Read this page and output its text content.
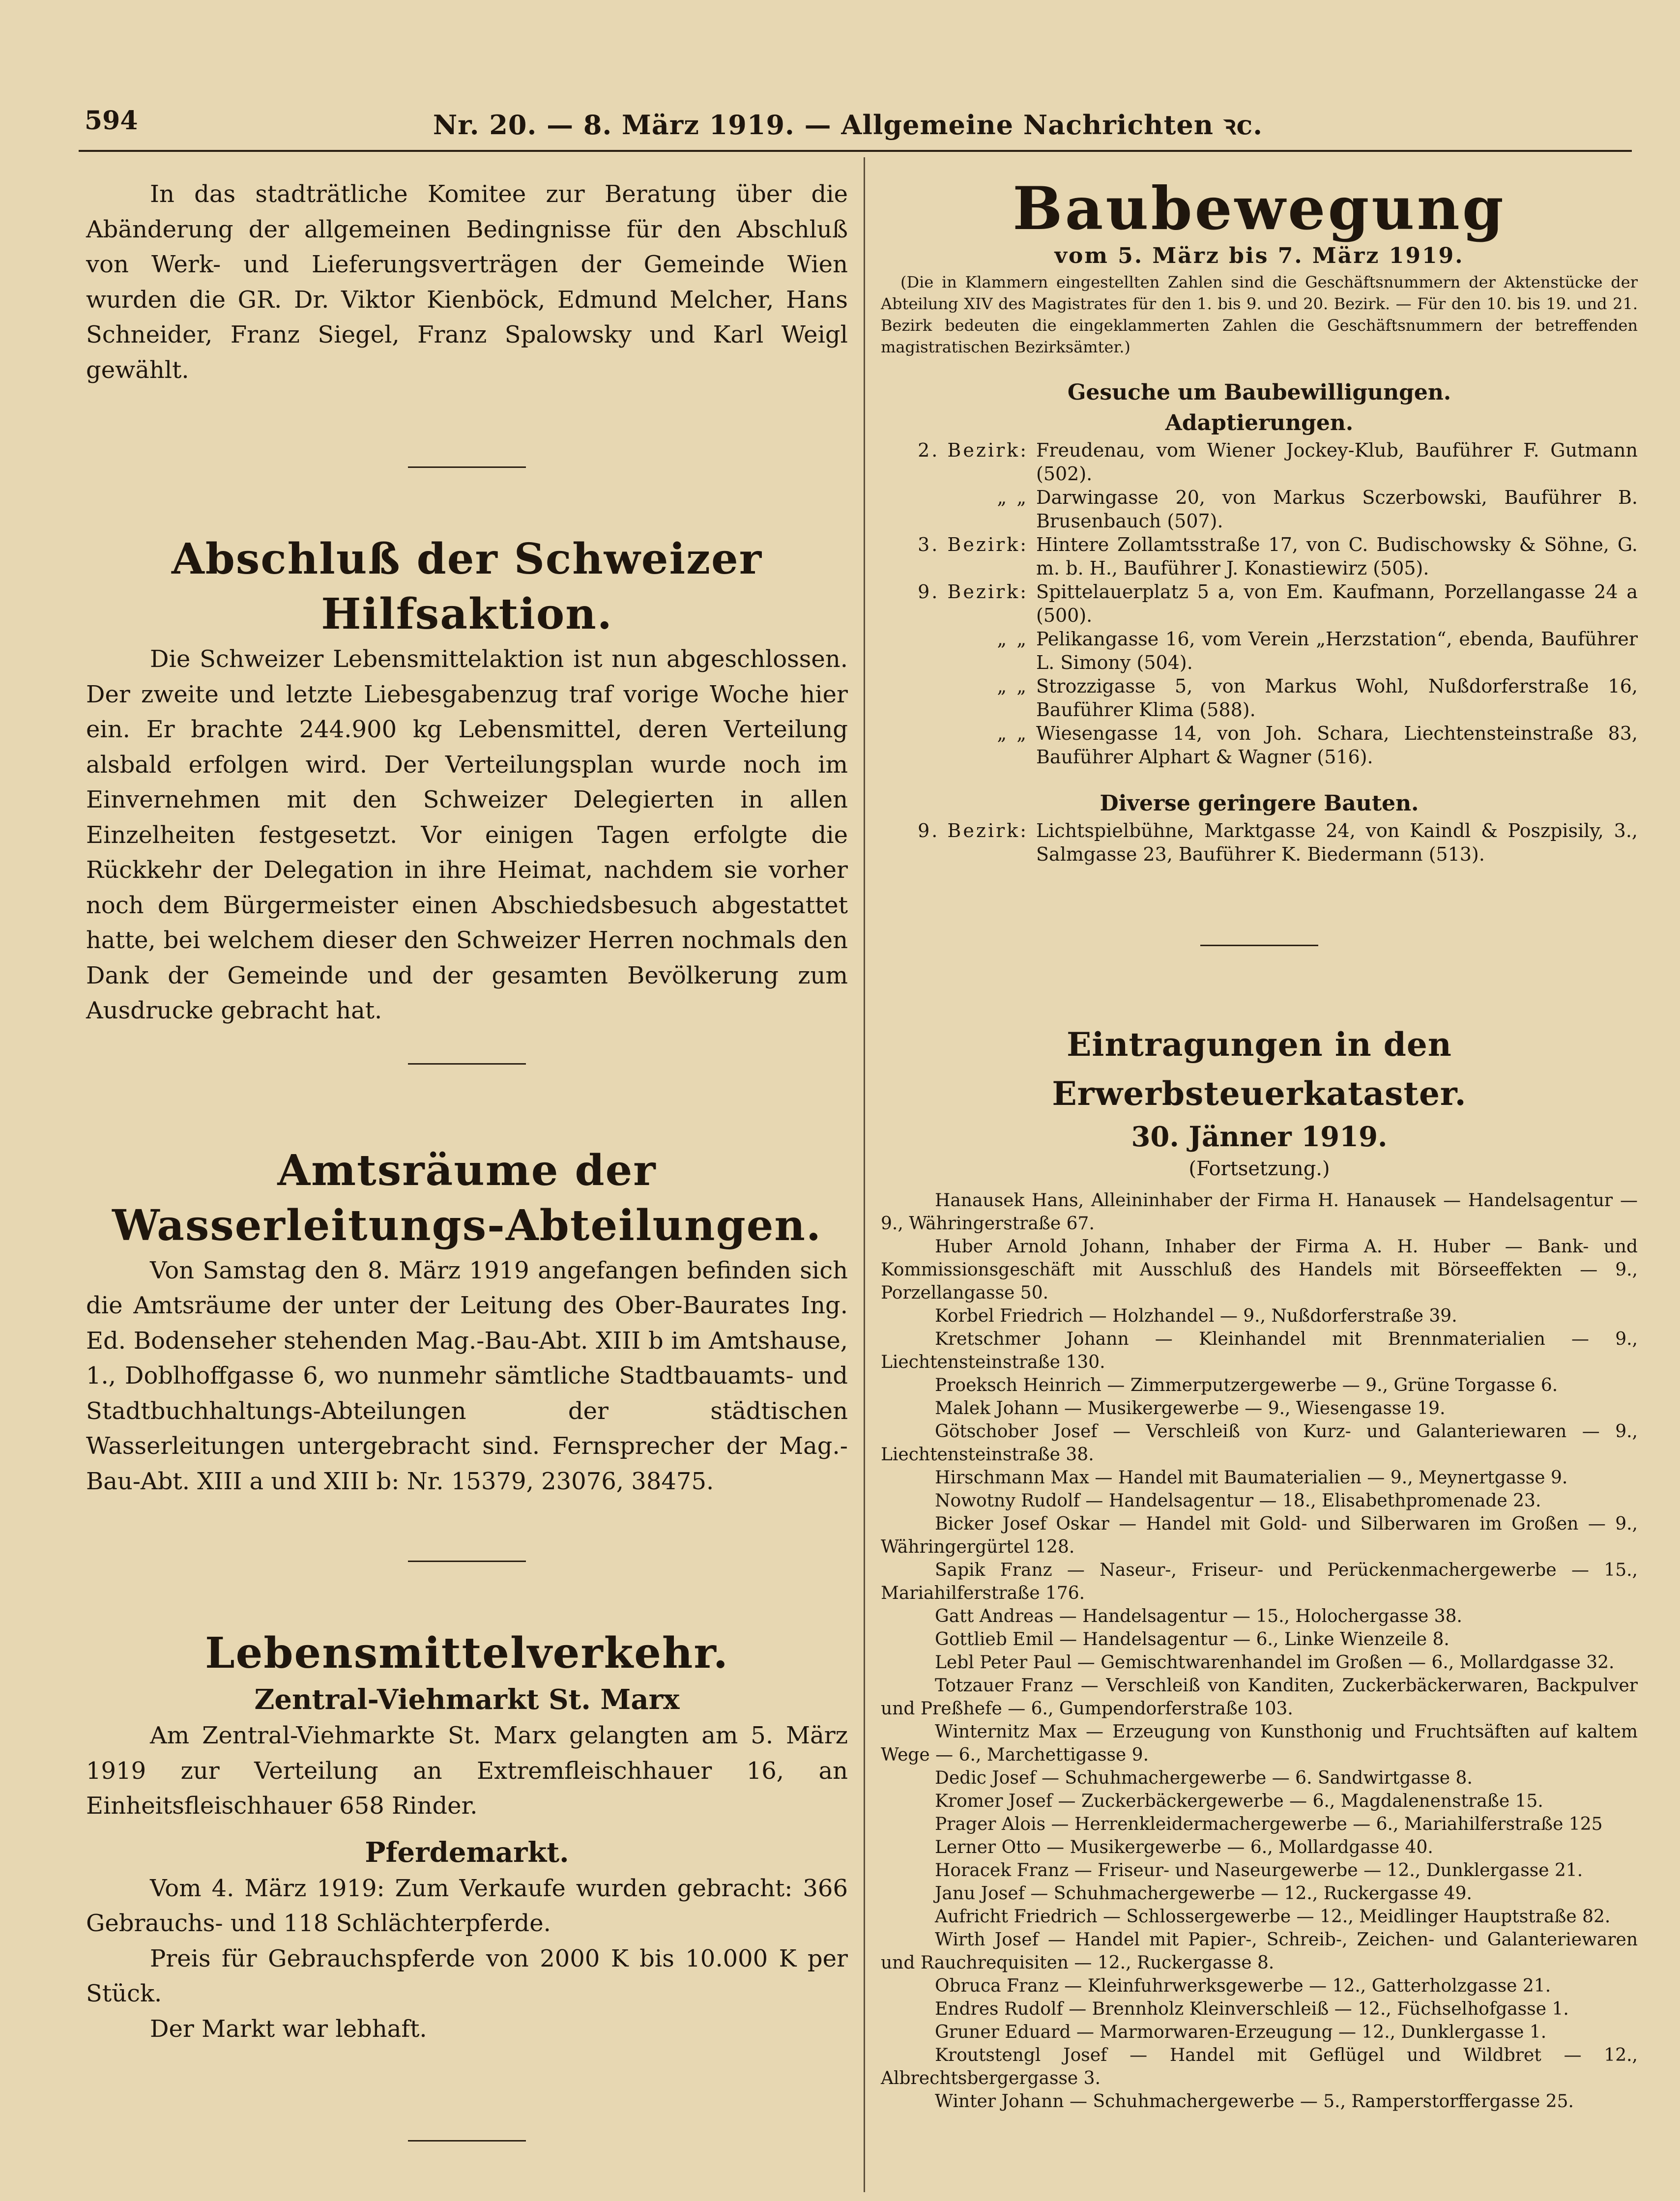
594	Nr. 20. — 8. März 1919. — Allgemeine Nachrichten ꝛc.

In das stadträtliche Komitee zur Beratung über die Abänderung der allgemeinen Bedingnisse für den Abschluß von Werk- und Lieferungsverträgen der Gemeinde Wien wurden die GR. Dr. Viktor Kienböck, Edmund Melcher, Hans Schneider, Franz Siegel, Franz Spalowsky und Karl Weigl gewählt.

Abschluß der Schweizer Hilfsaktion.

Die Schweizer Lebensmittelaktion ist nun abgeschlossen. Der zweite und letzte Liebesgabenzug traf vorige Woche hier ein. Er brachte 244.900 kg Lebensmittel, deren Verteilung alsbald erfolgen wird. Der Verteilungsplan wurde noch im Einvernehmen mit den Schweizer Delegierten in allen Einzelheiten festgesetzt. Vor einigen Tagen erfolgte die Rückkehr der Delegation in ihre Heimat, nachdem sie vorher noch dem Bürgermeister einen Abschiedsbesuch abgestattet hatte, bei welchem dieser den Schweizer Herren nochmals den Dank der Gemeinde und der gesamten Bevölkerung zum Ausdrucke gebracht hat.

Amtsräume der Wasserleitungs-Abteilungen.

Von Samstag den 8. März 1919 angefangen befinden sich die Amtsräume der unter der Leitung des Ober-Baurates Ing. Ed. Bodenseher stehenden Mag.-Bau-Abt. XIII b im Amtshause, 1., Doblhoffgasse 6, wo nunmehr sämtliche Stadtbauamts- und Stadtbuchhaltungs-Abteilungen der städtischen Wasserleitungen untergebracht sind. Fernsprecher der Mag.-Bau-Abt. XIII a und XIII b: Nr. 15379, 23076, 38475.

Lebensmittelverkehr.
Zentral-Viehmarkt St. Marx

Am Zentral-Viehmarkte St. Marx gelangten am 5. März 1919 zur Verteilung an Extremfleischhauer 16, an Einheitsfleischhauer 658 Rinder.

Pferdemarkt.

Vom 4. März 1919: Zum Verkaufe wurden gebracht: 366 Gebrauchs- und 118 Schlächterpferde.

Preis für Gebrauchspferde von 2000 K bis 10.000 K per Stück.

Der Markt war lebhaft.

Baubewegung

vom 5. März bis 7. März 1919.

(Die in Klammern eingestellten Zahlen sind die Geschäftsnummern der Aktenstücke der Abteilung XIV des Magistrates für den 1. bis 9. und 20. Bezirk. — Für den 10. bis 19. und 21. Bezirk bedeuten die eingeklammerten Zahlen die Geschäftsnummern der betreffenden magistratischen Bezirksämter.)

Gesuche um Baubewilligungen.
Adaptierungen.
2. Bezirk: Freudenau, vom Wiener Jockey-Klub, Bauführer F. Gutmann (502).
„ „ Darwingasse 20, von Markus Sczerbowski, Bauführer B. Brusenbauch (507).
3. Bezirk: Hintere Zollamtsstraße 17, von C. Budischowsky & Söhne, G. m. b. H., Bauführer J. Konastiewirz (505).
9. Bezirk: Spittelauerplatz 5 a, von Em. Kaufmann, Porzellangasse 24 a (500).
„ „ Pelikangasse 16, vom Verein „Herzstation“, ebenda, Bauführer L. Simony (504).
„ „ Strozzigasse 5, von Markus Wohl, Nußdorferstraße 16, Bauführer Klima (588).
„ „ Wiesengasse 14, von Joh. Schara, Liechtensteinstraße 83, Bauführer Alphart & Wagner (516).
Diverse geringere Bauten.
9. Bezirk: Lichtspielbühne, Marktgasse 24, von Kaindl & Poszpisily, 3., Salmgasse 23, Bauführer K. Biedermann (513).
Eintragungen in den Erwerbsteuerkataster.
30. Jänner 1919.

(Fortsetzung.)

Hanausek Hans, Alleininhaber der Firma H. Hanausek — Handelsagentur — 9., Währingerstraße 67.

Huber Arnold Johann, Inhaber der Firma A. H. Huber — Bank- und Kommissionsgeschäft mit Ausschluß des Handels mit Börseeffekten — 9., Porzellangasse 50.

Korbel Friedrich — Holzhandel — 9., Nußdorferstraße 39.

Kretschmer Johann — Kleinhandel mit Brennmaterialien — 9., Liechtensteinstraße 130.

Proeksch Heinrich — Zimmerputzergewerbe — 9., Grüne Torgasse 6.

Malek Johann — Musikergewerbe — 9., Wiesengasse 19.

Götschober Josef — Verschleiß von Kurz- und Galanteriewaren — 9., Liechtensteinstraße 38.

Hirschmann Max — Handel mit Baumaterialien — 9., Meynertgasse 9.

Nowotny Rudolf — Handelsagentur — 18., Elisabethpromenade 23.

Bicker Josef Oskar — Handel mit Gold- und Silberwaren im Großen — 9., Währingergürtel 128.

Sapik Franz — Naseur-, Friseur- und Perückenmachergewerbe — 15., Mariahilferstraße 176.

Gatt Andreas — Handelsagentur — 15., Holochergasse 38.

Gottlieb Emil — Handelsagentur — 6., Linke Wienzeile 8.

Lebl Peter Paul — Gemischtwarenhandel im Großen — 6., Mollardgasse 32.

Totzauer Franz — Verschleiß von Kanditen, Zuckerbäckerwaren, Backpulver und Preßhefe — 6., Gumpendorferstraße 103.

Winternitz Max — Erzeugung von Kunsthonig und Fruchtsäften auf kaltem Wege — 6., Marchettigasse 9.

Dedic Josef — Schuhmachergewerbe — 6. Sandwirtgasse 8.

Kromer Josef — Zuckerbäckergewerbe — 6., Magdalenenstraße 15.

Prager Alois — Herrenkleidermachergewerbe — 6., Mariahilferstraße 125

Lerner Otto — Musikergewerbe — 6., Mollardgasse 40.

Horacek Franz — Friseur- und Naseurgewerbe — 12., Dunklergasse 21.

Janu Josef — Schuhmachergewerbe — 12., Ruckergasse 49.

Aufricht Friedrich — Schlossergewerbe — 12., Meidlinger Hauptstraße 82.

Wirth Josef — Handel mit Papier-, Schreib-, Zeichen- und Galanteriewaren und Rauchrequisiten — 12., Ruckergasse 8.

Obruca Franz — Kleinfuhrwerksgewerbe — 12., Gatterholzgasse 21.

Endres Rudolf — Brennholz Kleinverschleiß — 12., Füchselhofgasse 1.

Gruner Eduard — Marmorwaren-Erzeugung — 12., Dunklergasse 1.

Kroutstengl Josef — Handel mit Geflügel und Wildbret — 12., Albrechtsbergergasse 3.

Winter Johann — Schuhmachergewerbe — 5., Ramperstorffergasse 25.
